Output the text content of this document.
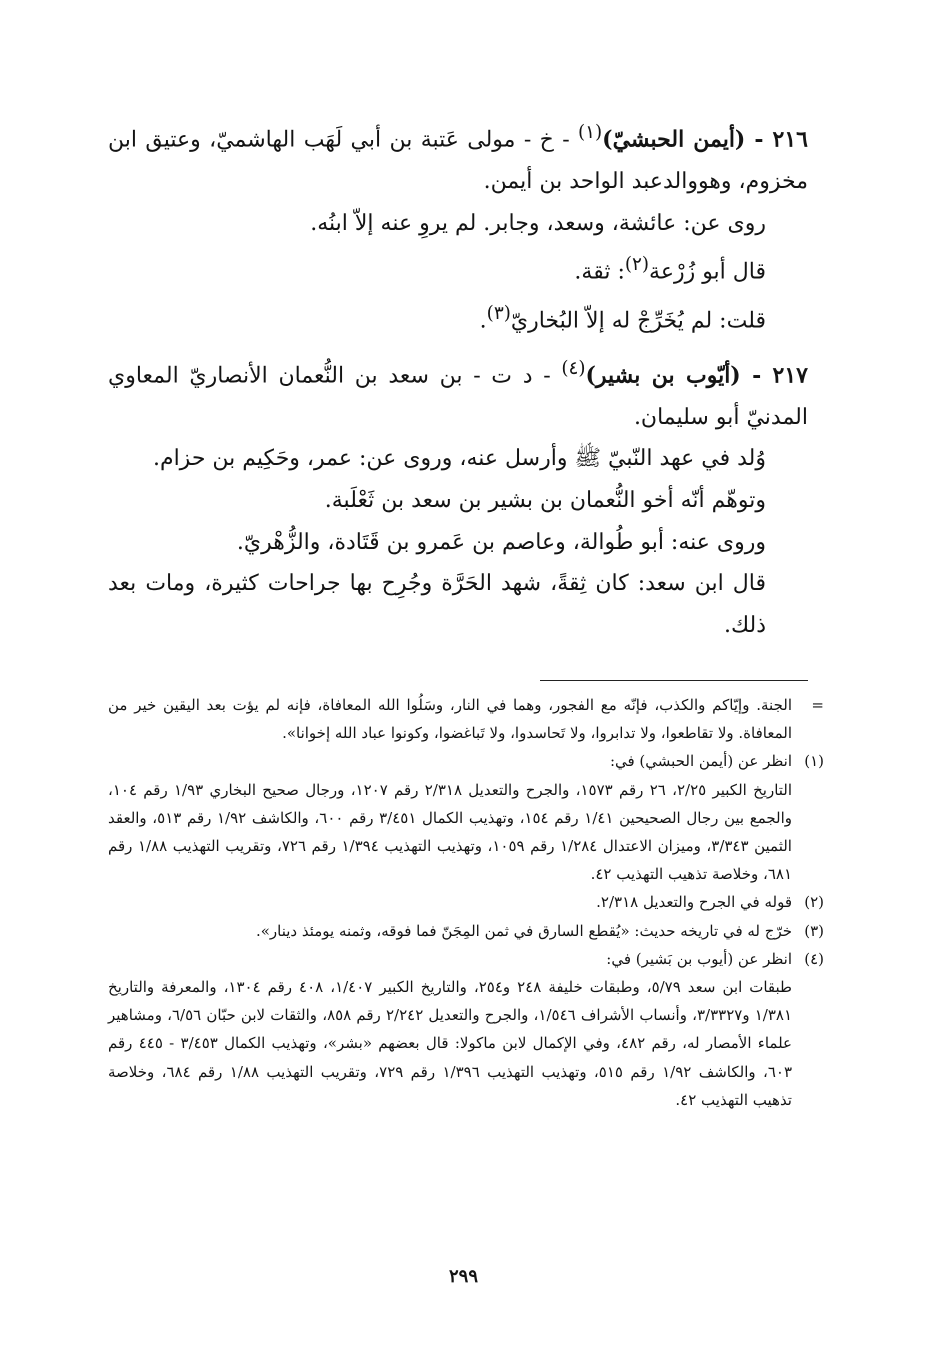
٢١٦ - (أيمن الحبشيّ)$^{(١)}$ - خ - مولى عَتبة بن أبي لَهَب الهاشميّ، وعتيق ابن مخزوم، وهووالدعبد الواحد بن أيمن.

روى عن: عائشة، وسعد، وجابر. لم يروِ عنه إلاّ ابنُه.

قال أبو زُرْعة$^{(٢)}$: ثقة.

قلت: لم يُخَرِّجْ له إلاّ البُخاريّ$^{(٣)}$.

٢١٧ - (أيّوب بن بشير)$^{(٤)}$ - د ت - بن سعد بن النُّعمان الأنصاريّ المعاوي المدنيّ أبو سليمان.

وُلد في عهد النّبيّ ﷺ وأرسل عنه، وروى عن: عمر، وحَكِيم بن حزام.

وتوهّم أنّه أخو النُّعمان بن بشير بن سعد بن ثَعْلَبة.

وروى عنه: أبو طُوالة، وعاصم بن عَمرو بن قَتَادة، والزُّهْريّ.

قال ابن سعد: كان ثِقةً، شهد الحَرَّة وجُرِح بها جراحات كثيرة، ومات بعد ذلك.

=
الجنة. وإيّاكم والكذب، فإنّه مع الفجور، وهما في النار، وسَلُوا الله المعافاة، فإنه لم يؤت بعد اليقين خير من المعافاة. ولا تقاطعوا، ولا تدابروا، ولا تَحاسدوا، ولا تَباغضوا، وكونوا عباد الله إخوانا».
(١)
انظر عن (أيمن الحبشي) في:
التاريخ الكبير ٢/٢٥، ٢٦ رقم ١٥٧٣، والجرح والتعديل ٢/٣١٨ رقم ١٢٠٧، ورجال صحيح البخاري ١/٩٣ رقم ١٠٤، والجمع بين رجال الصحيحين ١/٤١ رقم ١٥٤، وتهذيب الكمال ٣/٤٥١ رقم ٦٠٠، والكاشف ١/٩٢ رقم ٥١٣، والعقد الثمين ٣/٣٤٣، وميزان الاعتدال ١/٢٨٤ رقم ١٠٥٩، وتهذيب التهذيب ١/٣٩٤ رقم ٧٢٦، وتقريب التهذيب ١/٨٨ رقم ٦٨١، وخلاصة تذهيب التهذيب ٤٢.
(٢)
قوله في الجرح والتعديل ٢/٣١٨.
(٣)
خرّج له في تاريخه حديث: «يُقطع السارق في ثمن المِجَنّ فما فوقه، وثمنه يومئذ دينار».
(٤)
انظر عن (أيوب بن بَشير) في:
طبقات ابن سعد ٥/٧٩، وطبقات خليفة ٢٤٨ و٢٥٤، والتاريخ الكبير ١/٤٠٧، ٤٠٨ رقم ١٣٠٤، والمعرفة والتاريخ ١/٣٨١ و٣/٣٣٢٧، وأنساب الأشراف ١/٥٤٦، والجرح والتعديل ٢/٢٤٢ رقم ٨٥٨، والثقات لابن حبّان ٦/٥٦، ومشاهير علماء الأمصار له، رقم ٤٨٢، وفي الإكمال لابن ماكولا: قال بعضهم «بشر»، وتهذيب الكمال ٣/٤٥٣ - ٤٤٥ رقم ٦٠٣، والكاشف ١/٩٢ رقم ٥١٥، وتهذيب التهذيب ١/٣٩٦ رقم ٧٢٩، وتقريب التهذيب ١/٨٨ رقم ٦٨٤، وخلاصة تذهيب التهذيب ٤٢.
٢٩٩
